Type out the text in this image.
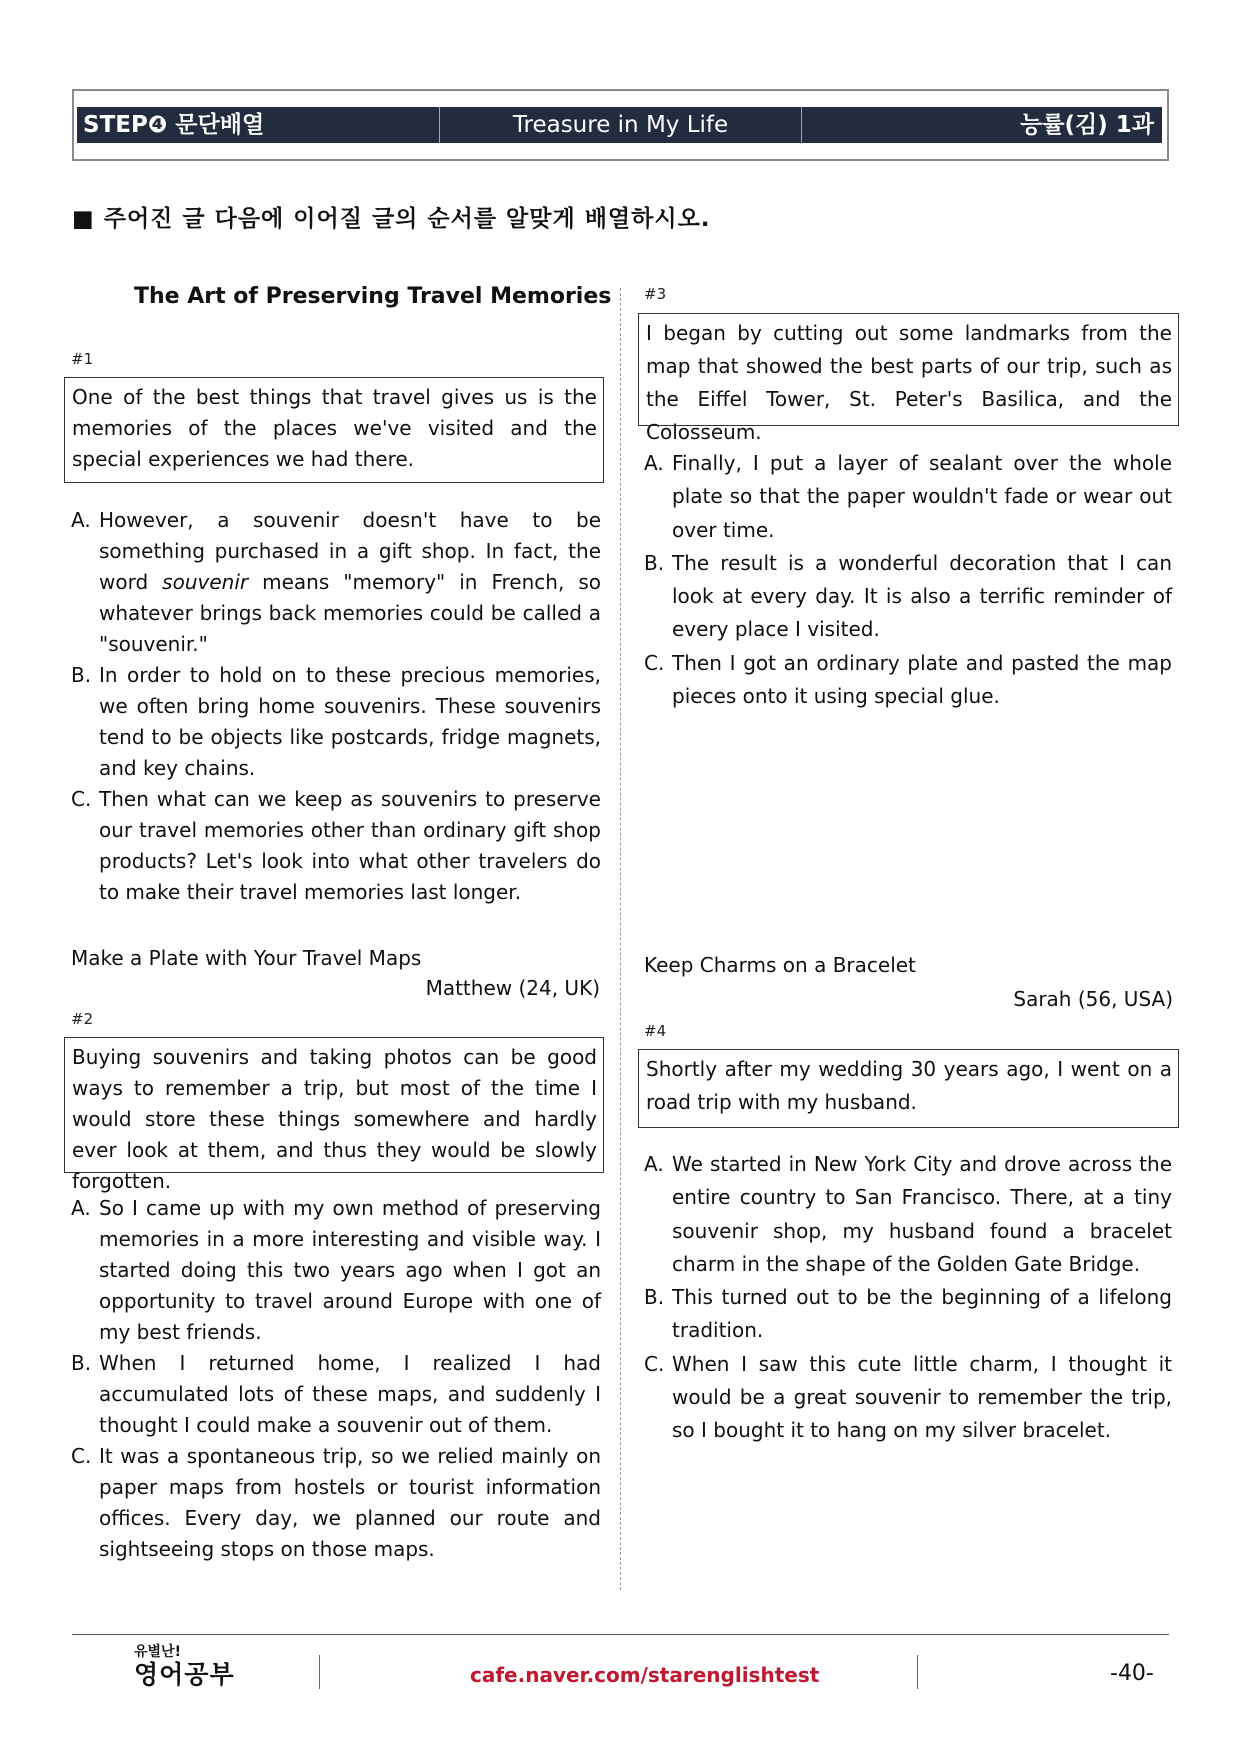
STEP❹ 문단배열	Treasure in My Life	능률(김) 1과
■ 주어진 글 다음에 이어질 글의 순서를 알맞게 배열하시오.
The Art of Preserving Travel Memories
#1
One of the best things that travel gives us is the memories of the places we've visited and the special experiences we had there.
A. However, a souvenir doesn't have to be something purchased in a gift shop. In fact, the word souvenir means "memory" in French, so whatever brings back memories could be called a "souvenir."
B. In order to hold on to these precious memories, we often bring home souvenirs. These souvenirs tend to be objects like postcards, fridge magnets, and key chains.
C. Then what can we keep as souvenirs to preserve our travel memories other than ordinary gift shop products? Let's look into what other travelers do to make their travel memories last longer.
Make a Plate with Your Travel Maps
Matthew (24, UK)
#2
Buying souvenirs and taking photos can be good ways to remember a trip, but most of the time I would store these things somewhere and hardly ever look at them, and thus they would be slowly forgotten.
A. So I came up with my own method of preserving memories in a more interesting and visible way. I started doing this two years ago when I got an opportunity to travel around Europe with one of my best friends.
B. When I returned home, I realized I had accumulated lots of these maps, and suddenly I thought I could make a souvenir out of them.
C. It was a spontaneous trip, so we relied mainly on paper maps from hostels or tourist information offices. Every day, we planned our route and sightseeing stops on those maps.
#3
I began by cutting out some landmarks from the map that showed the best parts of our trip, such as the Eiffel Tower, St. Peter's Basilica, and the Colosseum.
A. Finally, I put a layer of sealant over the whole plate so that the paper wouldn't fade or wear out over time.
B. The result is a wonderful decoration that I can look at every day. It is also a terrific reminder of every place I visited.
C. Then I got an ordinary plate and pasted the map pieces onto it using special glue.
Keep Charms on a Bracelet
Sarah (56, USA)
#4
Shortly after my wedding 30 years ago, I went on a road trip with my husband.
A. We started in New York City and drove across the entire country to San Francisco. There, at a tiny souvenir shop, my husband found a bracelet charm in the shape of the Golden Gate Bridge.
B. This turned out to be the beginning of a lifelong tradition.
C. When I saw this cute little charm, I thought it would be a great souvenir to remember the trip, so I bought it to hang on my silver bracelet.
유별난!
영어공부	cafe.naver.com/starenglishtest	-40-
